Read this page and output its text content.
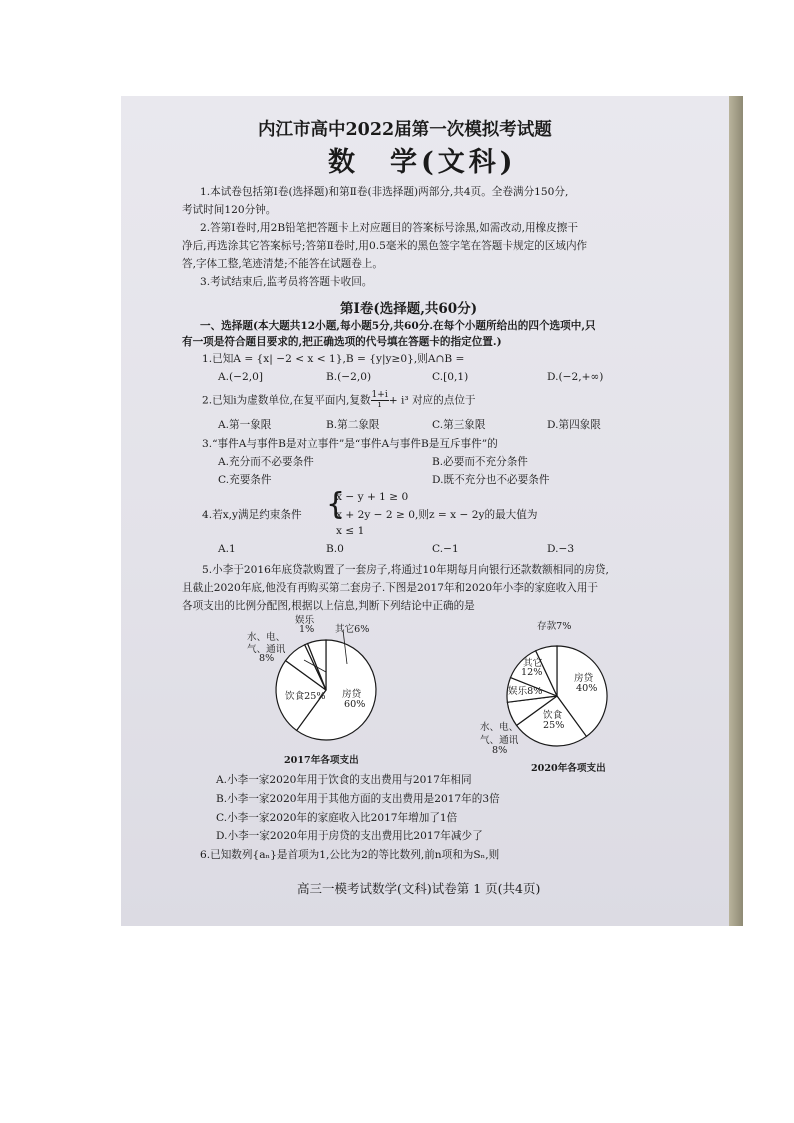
内江市高中2022届第一次模拟考试题
数　学(文科)
1.本试卷包括第Ⅰ卷(选择题)和第Ⅱ卷(非选择题)两部分,共4页。全卷满分150分,
考试时间120分钟。
2.答第Ⅰ卷时,用2B铅笔把答题卡上对应题目的答案标号涂黑,如需改动,用橡皮擦干
净后,再选涂其它答案标号;答第Ⅱ卷时,用0.5毫米的黑色签字笔在答题卡规定的区域内作
答,字体工整,笔迹清楚;不能答在试题卷上。
3.考试结束后,监考员将答题卡收回。
第Ⅰ卷(选择题,共60分)
一、选择题(本大题共12小题,每小题5分,共60分.在每个小题所给出的四个选项中,只
有一项是符合题目要求的,把正确选项的代号填在答题卡的指定位置.)
1.已知A = {x| −2 < x < 1},B = {y|y≥0},则A∩B =
A.(−2,0]	B.(−2,0)	C.[0,1)	D.(−2,+∞)
2.已知i为虚数单位,在复平面内,复数 $\frac{1+i}{i} + i^3$ 对应的点位于
A.第一象限	B.第二象限	C.第三象限	D.第四象限
3.“事件A与事件B是对立事件”是“事件A与事件B是互斥事件”的
A.充分而不必要条件	B.必要而不充分条件
C.充要条件	D.既不充分也不必要条件
4.若x,y满足约束条件 {
x − y + 1 ≥ 0
x + 2y − 2 ≥ 0,则z = x − 2y的最大值为
x ≤ 1
A.1	B.0	C.−1	D.−3
5.小李于2016年底贷款购置了一套房子,将通过10年期每月向银行还款数额相同的房贷,
且截止2020年底,他没有再购买第二套房子.下图是2017年和2020年小李的家庭收入用于
各项支出的比例分配图,根据以上信息,判断下列结论中正确的是
其它6%
娱乐
1%
水、电、
气、通讯
8%
饮食25% 房贷
60%
2017年各项支出
存款7%
其它
12%
娱乐8%
房贷
40%
饮食
25%
水、电、
气、通讯
8%
2020年各项支出
A.小李一家2020年用于饮食的支出费用与2017年相同
B.小李一家2020年用于其他方面的支出费用是2017年的3倍
C.小李一家2020年的家庭收入比2017年增加了1倍
D.小李一家2020年用于房贷的支出费用比2017年减少了
6.已知数列{aₙ}是首项为1,公比为2的等比数列,前n项和为Sₙ,则
高三一模考试数学(文科)试卷第 1 页(共4页)
